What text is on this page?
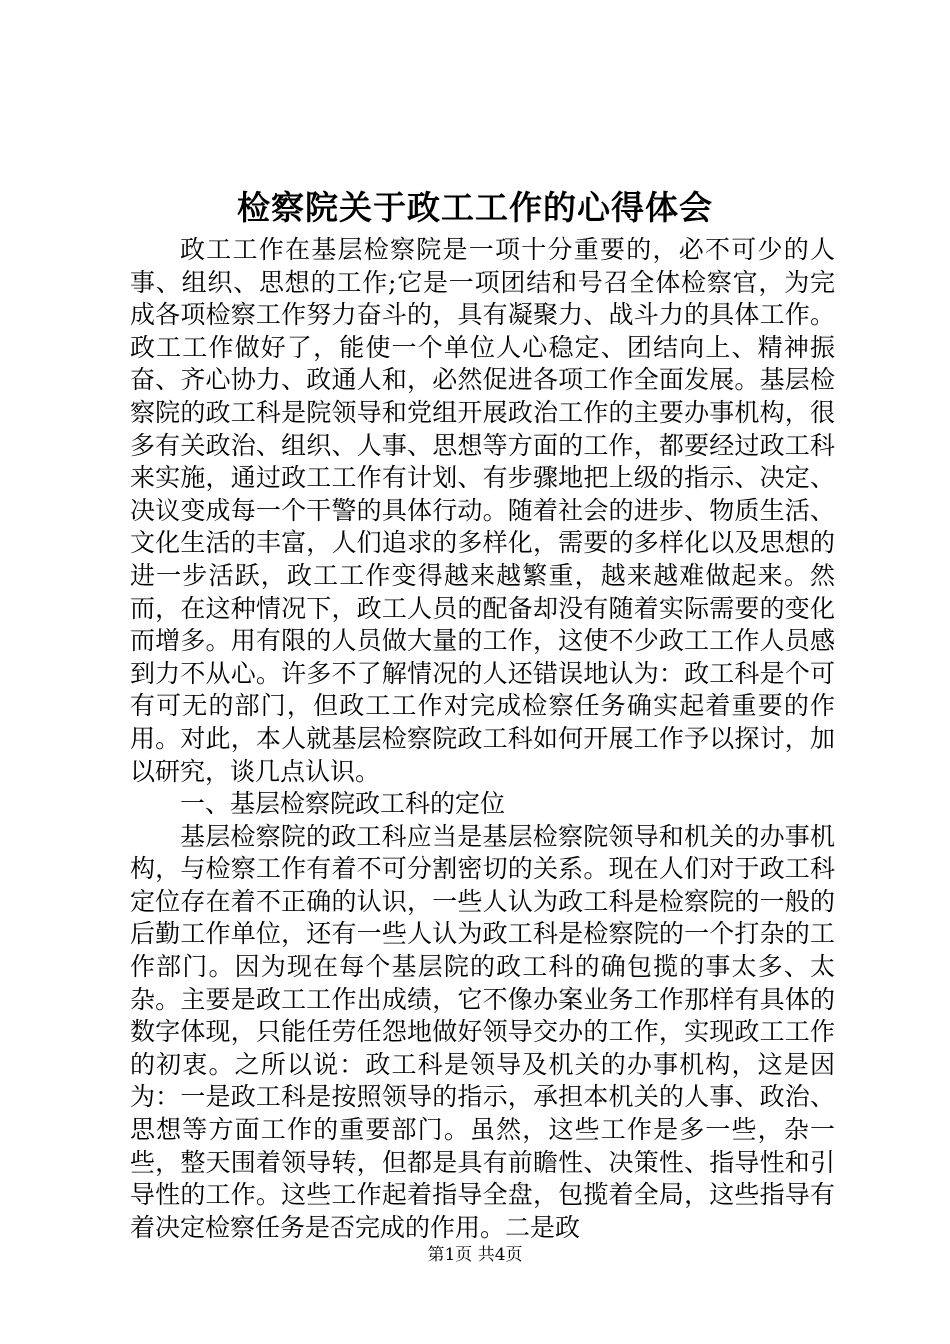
检察院关于政工工作的心得体会

政工工作在基层检察院是一项十分重要的，必不可少的人事、组织、思想的工作;它是一项团结和号召全体检察官，为完成各项检察工作努力奋斗的，具有凝聚力、战斗力的具体工作。政工工作做好了，能使一个单位人心稳定、团结向上、精神振奋、齐心协力、政通人和，必然促进各项工作全面发展。基层检察院的政工科是院领导和党组开展政治工作的主要办事机构，很多有关政治、组织、人事、思想等方面的工作，都要经过政工科来实施，通过政工工作有计划、有步骤地把上级的指示、决定、决议变成每一个干警的具体行动。随着社会的进步、物质生活、文化生活的丰富，人们追求的多样化，需要的多样化以及思想的进一步活跃，政工工作变得越来越繁重，越来越难做起来。然而，在这种情况下，政工人员的配备却没有随着实际需要的变化而增多。用有限的人员做大量的工作，这使不少政工工作人员感到力不从心。许多不了解情况的人还错误地认为：政工科是个可有可无的部门，但政工工作对完成检察任务确实起着重要的作用。对此，本人就基层检察院政工科如何开展工作予以探讨，加以研究，谈几点认识。

一、基层检察院政工科的定位

基层检察院的政工科应当是基层检察院领导和机关的办事机构，与检察工作有着不可分割密切的关系。现在人们对于政工科定位存在着不正确的认识，一些人认为政工科是检察院的一般的后勤工作单位，还有一些人认为政工科是检察院的一个打杂的工作部门。因为现在每个基层院的政工科的确包揽的事太多、太杂。主要是政工工作出成绩，它不像办案业务工作那样有具体的数字体现，只能任劳任怨地做好领导交办的工作，实现政工工作的初衷。之所以说：政工科是领导及机关的办事机构，这是因为：一是政工科是按照领导的指示，承担本机关的人事、政治、思想等方面工作的重要部门。虽然，这些工作是多一些，杂一些，整天围着领导转，但都是具有前瞻性、决策性、指导性和引导性的工作。这些工作起着指导全盘，包揽着全局，这些指导有着决定检察任务是否完成的作用。二是政

第1页 共4页
